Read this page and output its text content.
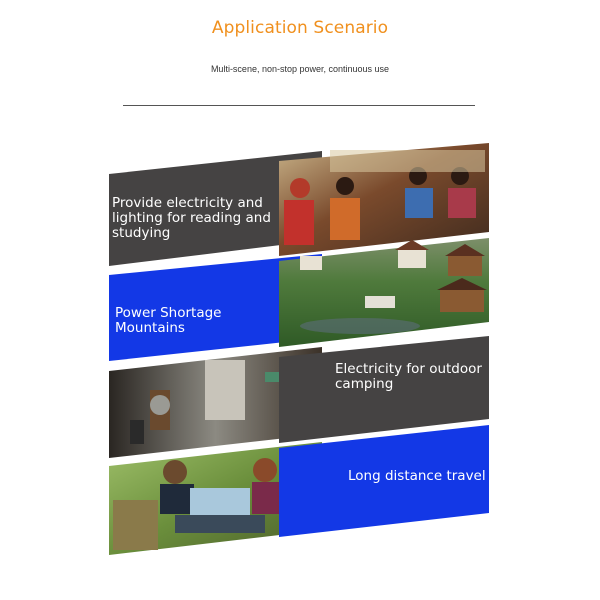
Application Scenario
Multi-scene, non-stop power, continuous use
Provide electricity and lighting for reading and studying
Power Shortage Mountains
Electricity for outdoor camping
Long distance travel
